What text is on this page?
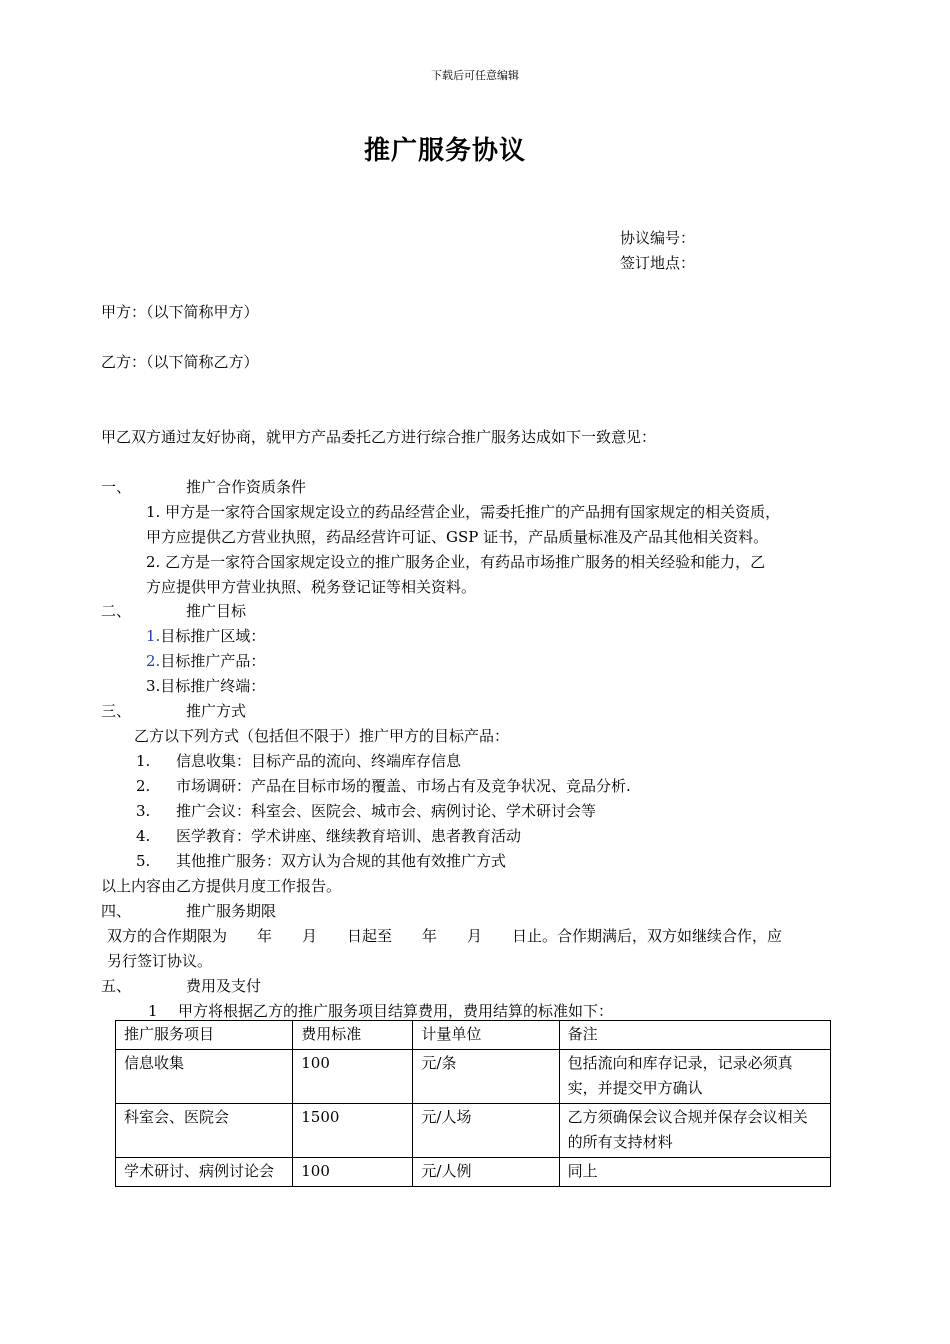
下载后可任意编辑
推广服务协议
协议编号：
签订地点：
甲方：（以下简称甲方）
乙方：（以下简称乙方）
甲乙双方通过友好协商，就甲方产品委托乙方进行综合推广服务达成如下一致意见：
一、	推广合作资质条件
1. 甲方是一家符合国家规定设立的药品经营企业，需委托推广的产品拥有国家规定的相关资质，
甲方应提供乙方营业执照，药品经营许可证、GSP 证书，产品质量标准及产品其他相关资料。
2. 乙方是一家符合国家规定设立的推广服务企业，有药品市场推广服务的相关经验和能力，乙
方应提供甲方营业执照、税务登记证等相关资料。
二、	推广目标
1.目标推广区域：
2.目标推广产品：
3.目标推广终端：
三、	推广方式
乙方以下列方式（包括但不限于）推广甲方的目标产品：
1. 信息收集：目标产品的流向、终端库存信息
2. 市场调研：产品在目标市场的覆盖、市场占有及竞争状况、竞品分析.
3. 推广会议：科室会、医院会、城市会、病例讨论、学术研讨会等
4. 医学教育：学术讲座、继续教育培训、患者教育活动
5. 其他推广服务：双方认为合规的其他有效推广方式
以上内容由乙方提供月度工作报告。
四、	推广服务期限
双方的合作期限为　　年　　月　　日起至　　年　　月　　日止。合作期满后，双方如继续合作，应
另行签订协议。
五、	费用及支付
1 甲方将根据乙方的推广服务项目结算费用，费用结算的标准如下：
推广服务项目	费用标准	计量单位	备注
信息收集	100	元/条	包括流向和库存记录，记录必须真实，并提交甲方确认
科室会、医院会	1500	元/人场	乙方须确保会议合规并保存会议相关的所有支持材料
学术研讨、病例讨论会	100	元/人例	同上
